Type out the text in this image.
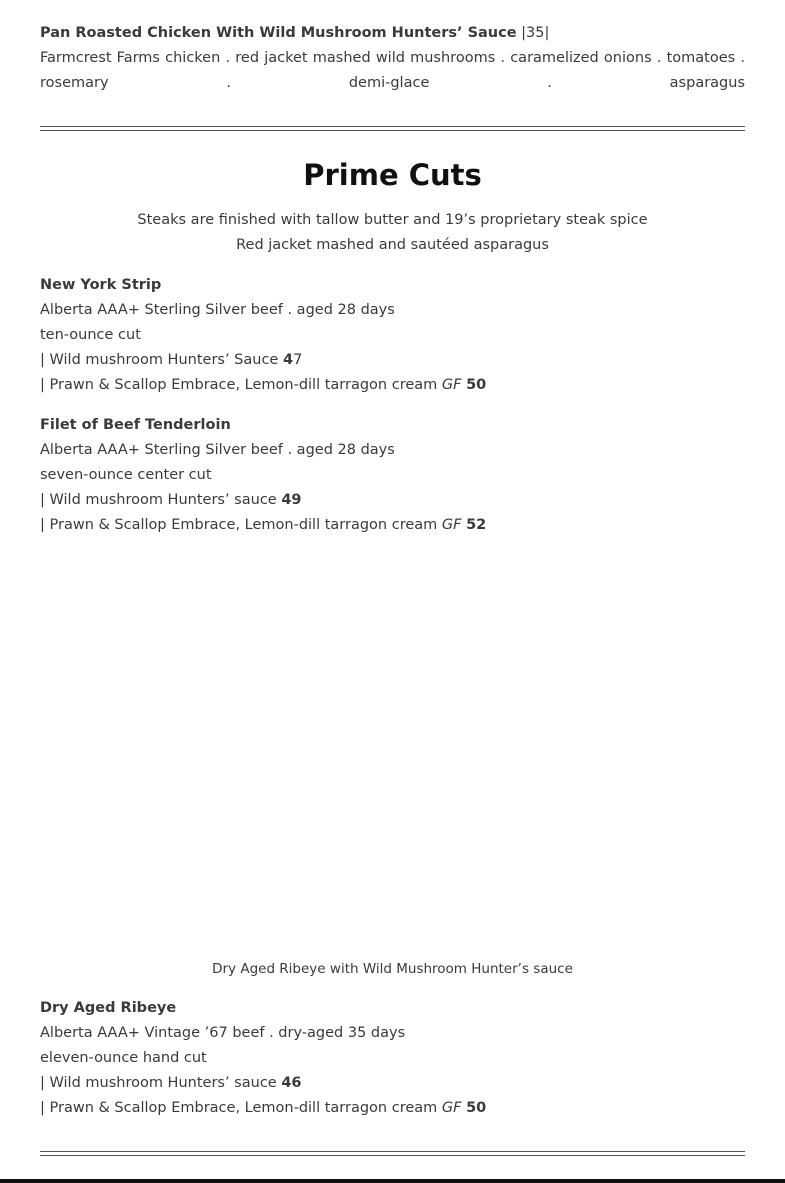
Pan Roasted Chicken With Wild Mushroom Hunters’ Sauce |35|
Farmcrest Farms chicken . red jacket mashed wild mushrooms . caramelized onions . tomatoes . rosemary . demi-glace . asparagus
Prime Cuts
Steaks are finished with tallow butter and 19’s proprietary steak spice
Red jacket mashed and sautéed asparagus
New York Strip
Alberta AAA+ Sterling Silver beef . aged 28 days
ten-ounce cut
| Wild mushroom Hunters’ Sauce 47
| Prawn & Scallop Embrace, Lemon-dill tarragon cream GF 50
Filet of Beef Tenderloin
Alberta AAA+ Sterling Silver beef . aged 28 days
seven-ounce center cut
| Wild mushroom Hunters’ sauce 49
| Prawn & Scallop Embrace, Lemon-dill tarragon cream GF 52
Dry Aged Ribeye with Wild Mushroom Hunter’s sauce
Dry Aged Ribeye
Alberta AAA+ Vintage ’67 beef . dry-aged 35 days
eleven-ounce hand cut
| Wild mushroom Hunters’ sauce 46
| Prawn & Scallop Embrace, Lemon-dill tarragon cream GF 50
